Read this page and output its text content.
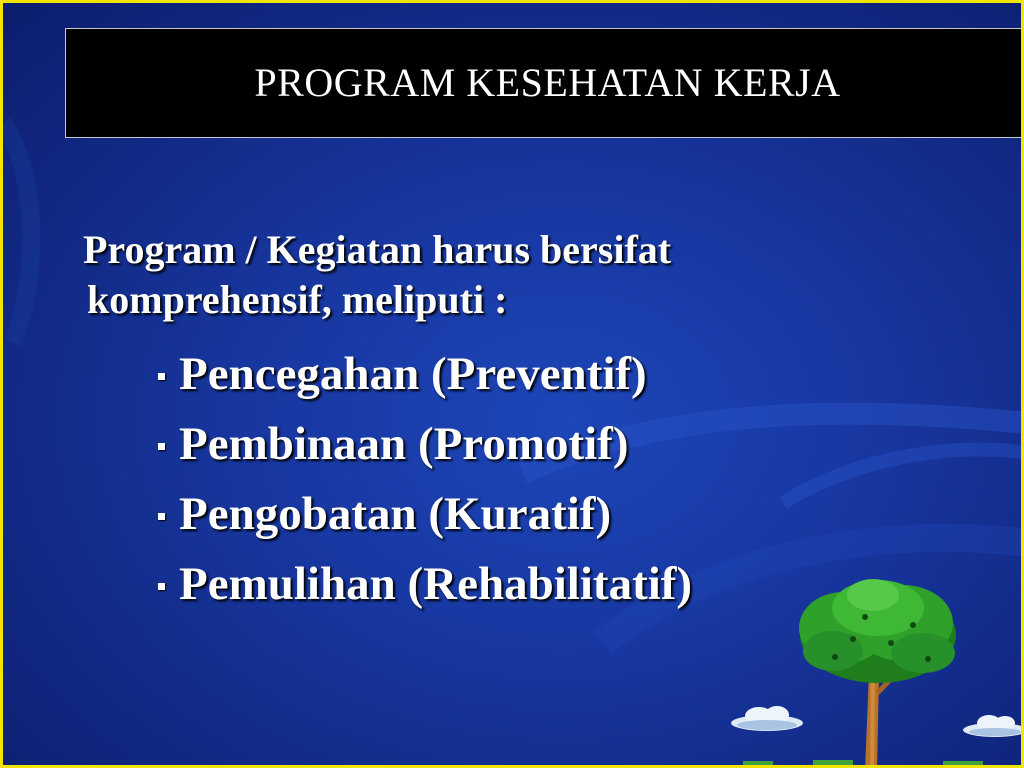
PROGRAM KESEHATAN KERJA

Program / Kegiatan harus bersifat
komprehensif, meliputi :

Pencegahan (Preventif)
Pembinaan (Promotif)
Pengobatan (Kuratif)
Pemulihan (Rehabilitatif)
